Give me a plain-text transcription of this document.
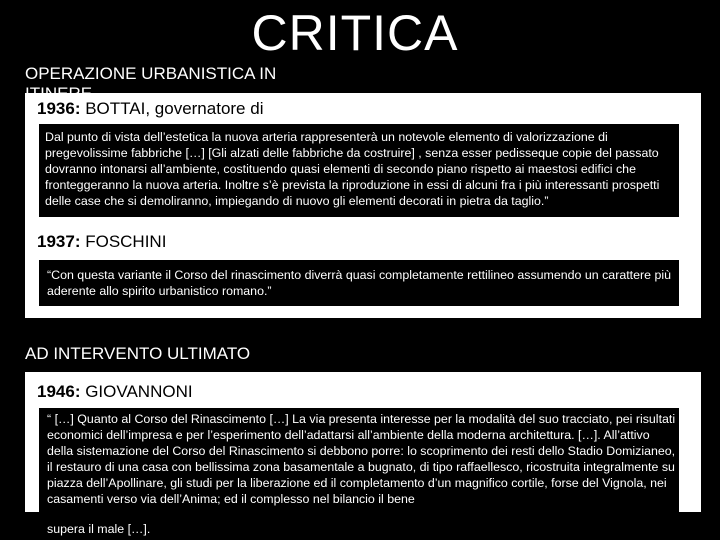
CRITICA
OPERAZIONE URBANISTICA IN
1936: BOTTAI, governatore di
Dal punto di vista dell’estetica la nuova arteria rappresenterà un notevole elemento di valorizzazione di pregevolissime fabbriche […] [Gli alzati delle fabbriche da costruire] , senza esser pedisseque copie del passato dovranno intonarsi all’ambiente, costituendo quasi elementi di secondo piano rispetto ai maestosi edifici che fronteggeranno la nuova arteria. Inoltre s’è prevista la riproduzione in essi di alcuni fra i più interessanti prospetti delle case che si demoliranno, impiegando di nuovo gli elementi decorati in pietra da taglio.”
1937: FOSCHINI
“Con questa variante il Corso del rinascimento diverrà quasi completamente rettilineo assumendo un carattere più aderente allo spirito urbanistico romano.”
AD INTERVENTO ULTIMATO
1946: GIOVANNONI
“ […] Quanto al Corso del Rinascimento […] La via presenta interesse per la modalità del suo tracciato, pei risultati economici dell’impresa e per l’esperimento dell’adattarsi all’ambiente della moderna architettura. […]. All’attivo della sistemazione del Corso del Rinascimento si debbono porre: lo scoprimento dei resti dello Stadio Domizianeo, il restauro di una casa con bellissima zona basamentale a bugnato, di tipo raffaellesco, ricostruita integralmente su piazza dell’Apollinare, gli studi per la liberazione ed il completamento d’un magnifico cortile, forse del Vignola, nei casamenti verso via dell’Anima; ed il complesso nel bilancio il bene
supera il male […].
